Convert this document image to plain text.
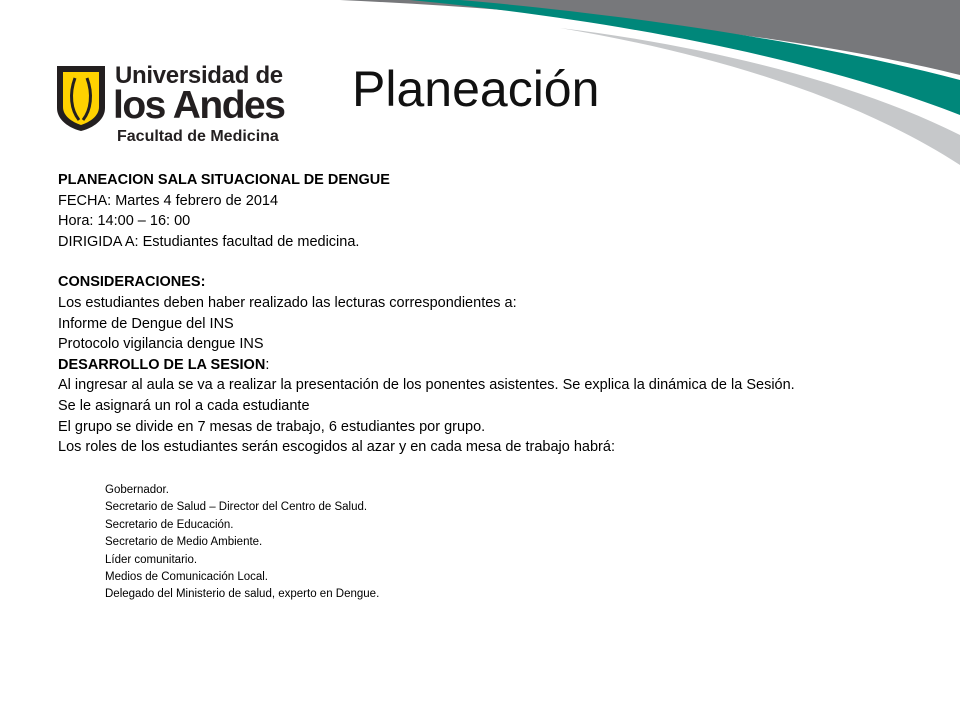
Universidad de
los Andes
Facultad de Medicina
Planeación
PLANEACION SALA SITUACIONAL DE DENGUE
FECHA: Martes 4 febrero de 2014
Hora: 14:00 – 16: 00
DIRIGIDA A: Estudiantes facultad de medicina.
CONSIDERACIONES:
Los estudiantes deben haber realizado las lecturas correspondientes a:
Informe de Dengue del INS
Protocolo vigilancia dengue INS
DESARROLLO DE LA SESION:
Al ingresar al aula se va a realizar la presentación de los ponentes asistentes. Se explica la dinámica de la Sesión.
Se le asignará un rol a cada estudiante
El grupo se divide en 7 mesas de trabajo, 6 estudiantes por grupo.
Los roles de los estudiantes serán escogidos al azar y en cada mesa de trabajo habrá:
Gobernador.
Secretario de Salud – Director del Centro de Salud.
Secretario de Educación.
Secretario de Medio Ambiente.
Líder comunitario.
Medios de Comunicación Local.
Delegado del Ministerio de salud, experto en Dengue.
